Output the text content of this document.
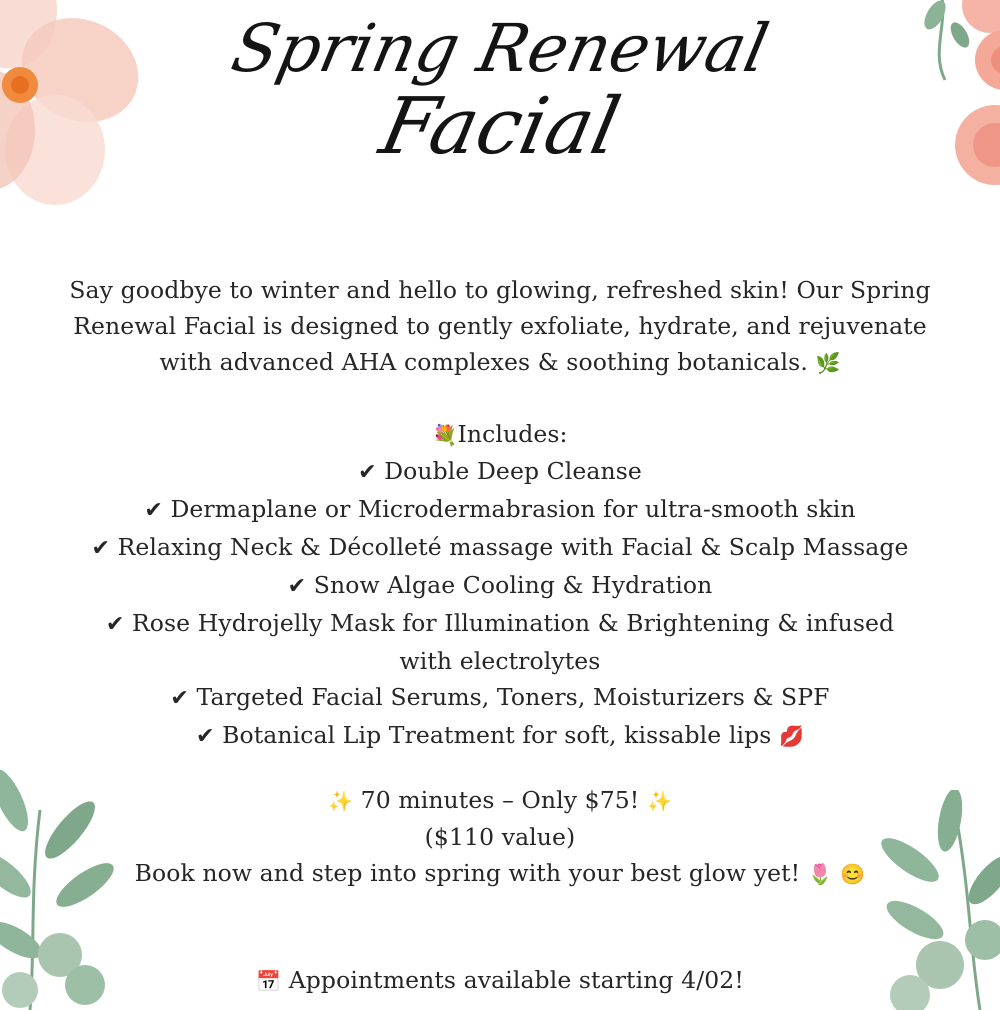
Spring Renewal
Facial
Say goodbye to winter and hello to glowing, refreshed skin! Our Spring
Renewal Facial is designed to gently exfoliate, hydrate, and rejuvenate
with advanced AHA complexes & soothing botanicals. 🌿
💐Includes:
✔ Double Deep Cleanse
✔ Dermaplane or Microdermabrasion for ultra-smooth skin
✔ Relaxing Neck & Décolleté massage with Facial & Scalp Massage
✔ Snow Algae Cooling & Hydration
✔ Rose Hydrojelly Mask for Illumination & Brightening & infused
with electrolytes
✔ Targeted Facial Serums, Toners, Moisturizers & SPF
✔ Botanical Lip Treatment for soft, kissable lips 💋
✨ 70 minutes – Only $75! ✨
($110 value)
Book now and step into spring with your best glow yet! 🌷 😊
📅 Appointments available starting 4/02!
